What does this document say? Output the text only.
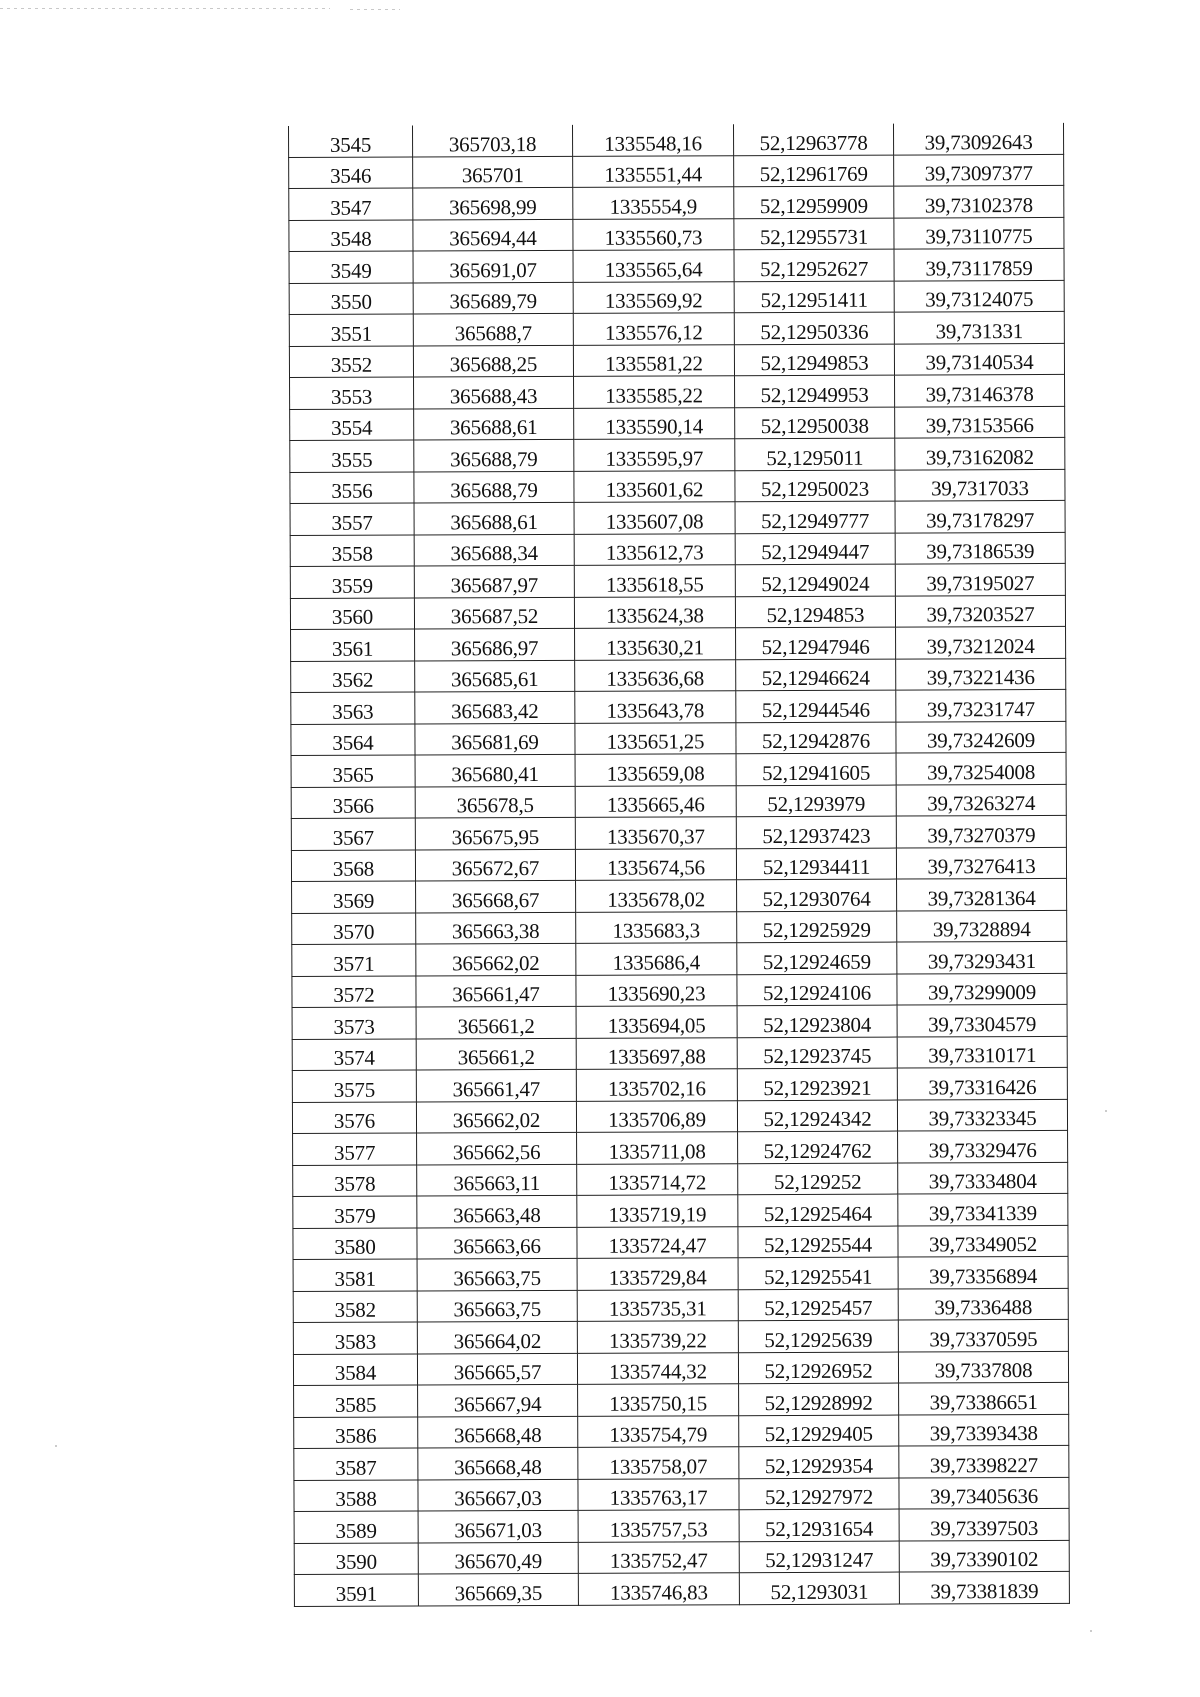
3545	365703,18	1335548,16	52,12963778	39,73092643
3546	365701	1335551,44	52,12961769	39,73097377
3547	365698,99	1335554,9	52,12959909	39,73102378
3548	365694,44	1335560,73	52,12955731	39,73110775
3549	365691,07	1335565,64	52,12952627	39,73117859
3550	365689,79	1335569,92	52,12951411	39,73124075
3551	365688,7	1335576,12	52,12950336	39,731331
3552	365688,25	1335581,22	52,12949853	39,73140534
3553	365688,43	1335585,22	52,12949953	39,73146378
3554	365688,61	1335590,14	52,12950038	39,73153566
3555	365688,79	1335595,97	52,1295011	39,73162082
3556	365688,79	1335601,62	52,12950023	39,7317033
3557	365688,61	1335607,08	52,12949777	39,73178297
3558	365688,34	1335612,73	52,12949447	39,73186539
3559	365687,97	1335618,55	52,12949024	39,73195027
3560	365687,52	1335624,38	52,1294853	39,73203527
3561	365686,97	1335630,21	52,12947946	39,73212024
3562	365685,61	1335636,68	52,12946624	39,73221436
3563	365683,42	1335643,78	52,12944546	39,73231747
3564	365681,69	1335651,25	52,12942876	39,73242609
3565	365680,41	1335659,08	52,12941605	39,73254008
3566	365678,5	1335665,46	52,1293979	39,73263274
3567	365675,95	1335670,37	52,12937423	39,73270379
3568	365672,67	1335674,56	52,12934411	39,73276413
3569	365668,67	1335678,02	52,12930764	39,73281364
3570	365663,38	1335683,3	52,12925929	39,7328894
3571	365662,02	1335686,4	52,12924659	39,73293431
3572	365661,47	1335690,23	52,12924106	39,73299009
3573	365661,2	1335694,05	52,12923804	39,73304579
3574	365661,2	1335697,88	52,12923745	39,73310171
3575	365661,47	1335702,16	52,12923921	39,73316426
3576	365662,02	1335706,89	52,12924342	39,73323345
3577	365662,56	1335711,08	52,12924762	39,73329476
3578	365663,11	1335714,72	52,129252	39,73334804
3579	365663,48	1335719,19	52,12925464	39,73341339
3580	365663,66	1335724,47	52,12925544	39,73349052
3581	365663,75	1335729,84	52,12925541	39,73356894
3582	365663,75	1335735,31	52,12925457	39,7336488
3583	365664,02	1335739,22	52,12925639	39,73370595
3584	365665,57	1335744,32	52,12926952	39,7337808
3585	365667,94	1335750,15	52,12928992	39,73386651
3586	365668,48	1335754,79	52,12929405	39,73393438
3587	365668,48	1335758,07	52,12929354	39,73398227
3588	365667,03	1335763,17	52,12927972	39,73405636
3589	365671,03	1335757,53	52,12931654	39,73397503
3590	365670,49	1335752,47	52,12931247	39,73390102
3591	365669,35	1335746,83	52,1293031	39,73381839
